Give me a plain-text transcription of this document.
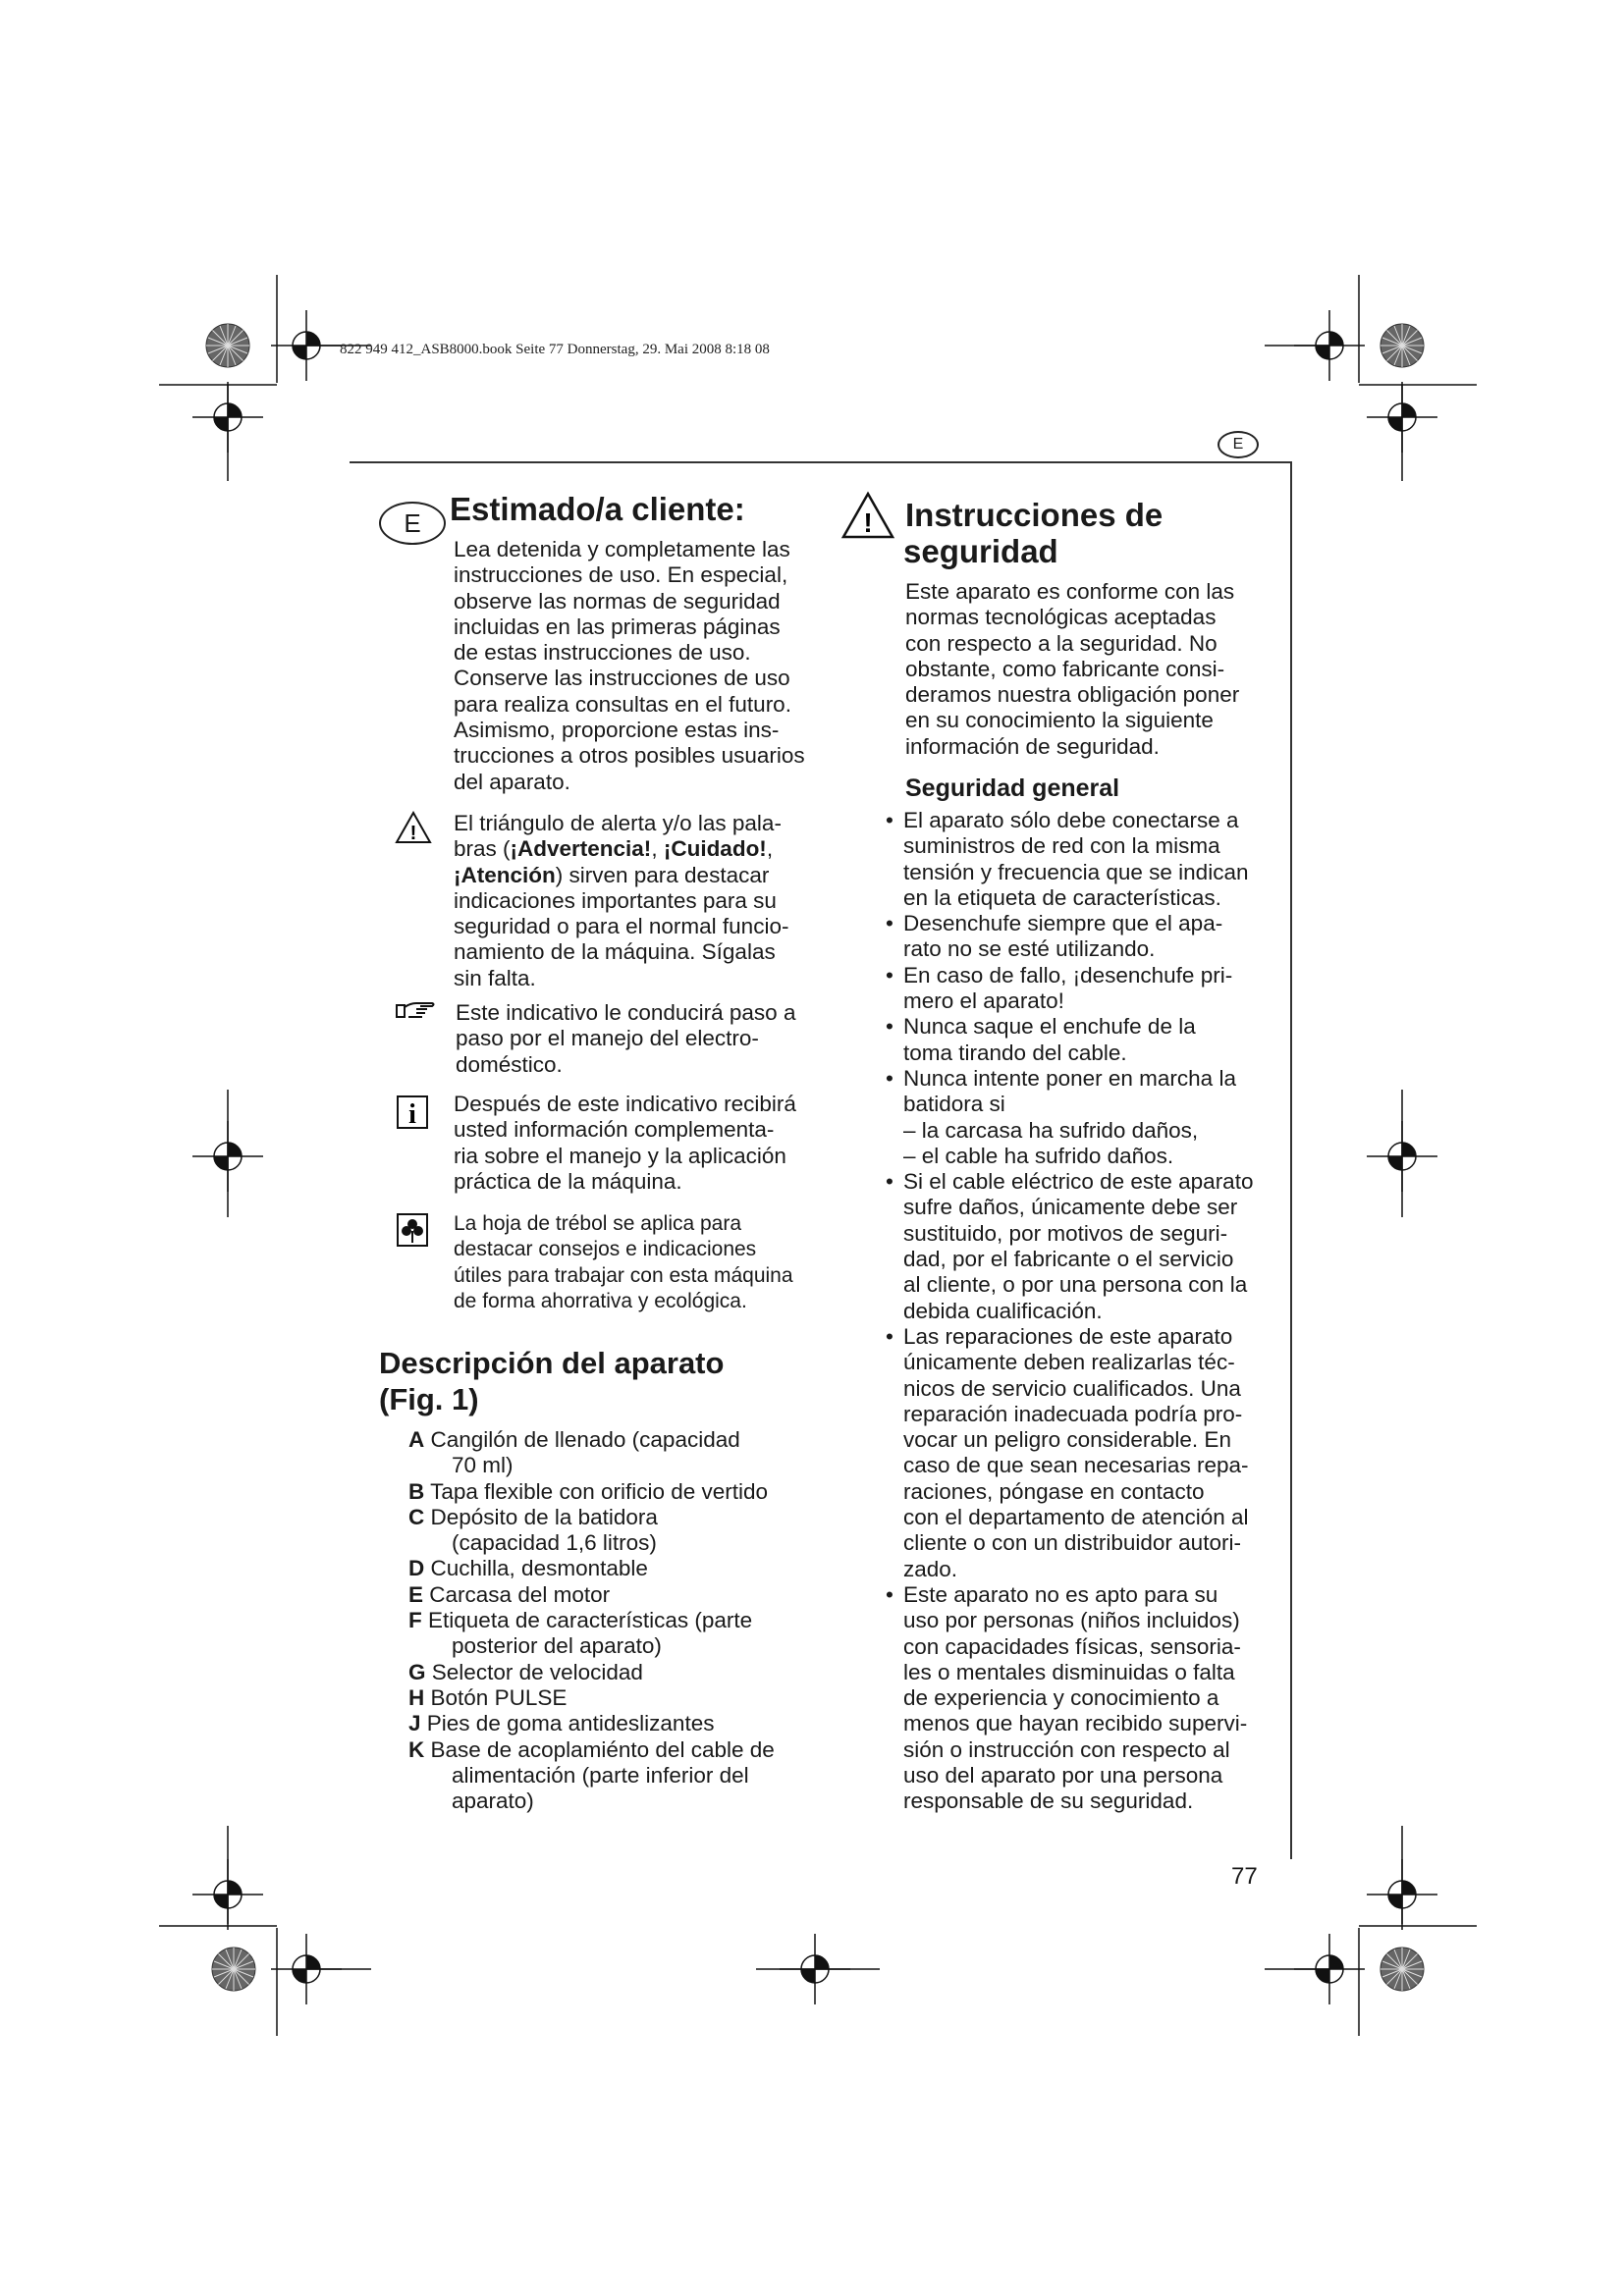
822 949 412_ASB8000.book Seite 77 Donnerstag, 29. Mai 2008 8:18 08
E
E Estimado/a cliente:
Lea detenida y completamente las
instrucciones de uso. En especial,
observe las normas de seguridad
incluidas en las primeras páginas
de estas instrucciones de uso.
Conserve las instrucciones de uso
para realiza consultas en el futuro.
Asimismo, proporcione estas ins-
trucciones a otros posibles usuarios
del aparato.
! El triángulo de alerta y/o las pala-
bras (¡Advertencia!, ¡Cuidado!,
¡Atención) sirven para destacar
indicaciones importantes para su
seguridad o para el normal funcio-
namiento de la máquina. Sígalas
sin falta.
Este indicativo le conducirá paso a
paso por el manejo del electro-
doméstico.
i Después de este indicativo recibirá
usted información complementa-
ria sobre el manejo y la aplicación
práctica de la máquina.
La hoja de trébol se aplica para
destacar consejos e indicaciones
útiles para trabajar con esta máquina
de forma ahorrativa y ecológica.
Descripción del aparato
(Fig. 1)
A Cangilón de llenado (capacidad
70 ml)
B Tapa flexible con orificio de vertido
C Depósito de la batidora
(capacidad 1,6 litros)
D Cuchilla, desmontable
E Carcasa del motor
F Etiqueta de características (parte
posterior del aparato)
G Selector de velocidad
H Botón PULSE
J Pies de goma antideslizantes
K Base de acoplamiénto del cable de
alimentación (parte inferior del
aparato)
! Instrucciones de
seguridad
Este aparato es conforme con las
normas tecnológicas aceptadas
con respecto a la seguridad. No
obstante, como fabricante consi-
deramos nuestra obligación poner
en su conocimiento la siguiente
información de seguridad.
Seguridad general
• El aparato sólo debe conectarse a
suministros de red con la misma
tensión y frecuencia que se indican
en la etiqueta de características.
• Desenchufe siempre que el apa-
rato no se esté utilizando.
• En caso de fallo, ¡desenchufe pri-
mero el aparato!
• Nunca saque el enchufe de la
toma tirando del cable.
• Nunca intente poner en marcha la
batidora si
– la carcasa ha sufrido daños,
– el cable ha sufrido daños.
• Si el cable eléctrico de este aparato
sufre daños, únicamente debe ser
sustituido, por motivos de seguri-
dad, por el fabricante o el servicio
al cliente, o por una persona con la
debida cualificación.
• Las reparaciones de este aparato
únicamente deben realizarlas téc-
nicos de servicio cualificados. Una
reparación inadecuada podría pro-
vocar un peligro considerable. En
caso de que sean necesarias repa-
raciones, póngase en contacto
con el departamento de atención al
cliente o con un distribuidor autori-
zado.
• Este aparato no es apto para su
uso por personas (niños incluidos)
con capacidades físicas, sensoria-
les o mentales disminuidas o falta
de experiencia y conocimiento a
menos que hayan recibido supervi-
sión o instrucción con respecto al
uso del aparato por una persona
responsable de su seguridad.
77
